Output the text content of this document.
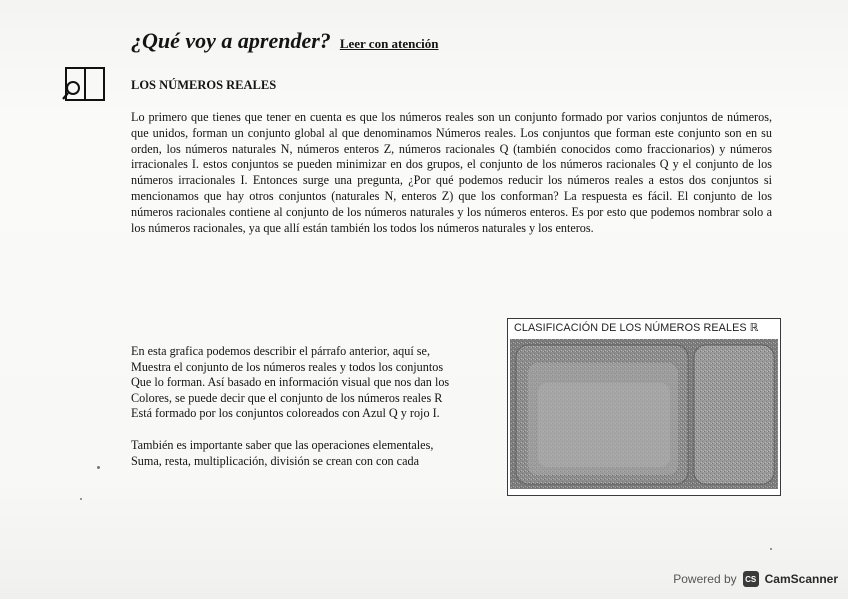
¿Qué voy a aprender? Leer con atención
LOS NÚMEROS REALES

Lo primero que tienes que tener en cuenta es que los números reales son un conjunto formado por varios conjuntos de números, que unidos, forman un conjunto global al que denominamos Números reales. Los conjuntos que forman este conjunto son en su orden, los números naturales N, números enteros Z, números racionales Q (también conocidos como fraccionarios) y números irracionales I. estos conjuntos se pueden minimizar en dos grupos, el conjunto de los números racionales Q y el conjunto de los números irracionales I. Entonces surge una pregunta, ¿Por qué podemos reducir los números reales a estos dos conjuntos si mencionamos que hay otros conjuntos (naturales N, enteros Z) que los conforman? La respuesta es fácil. El conjunto de los números racionales contiene al conjunto de los números naturales y los números enteros. Es por esto que podemos nombrar solo a los números racionales, ya que allí están también los todos los números naturales y los enteros.

En esta grafica podemos describir el párrafo anterior, aquí se,
Muestra el conjunto de los números reales y todos los conjuntos
Que lo forman. Así basado en información visual que nos dan los
Colores, se puede decir que el conjunto de los números reales R
Está formado por los conjuntos coloreados con Azul Q y rojo I.

También es importante saber que las operaciones elementales,
Suma, resta, multiplicación, división se crean con con cada

CLASIFICACIÓN DE LOS NÚMEROS REALES ℝ
Powered by	CS CamScanner
